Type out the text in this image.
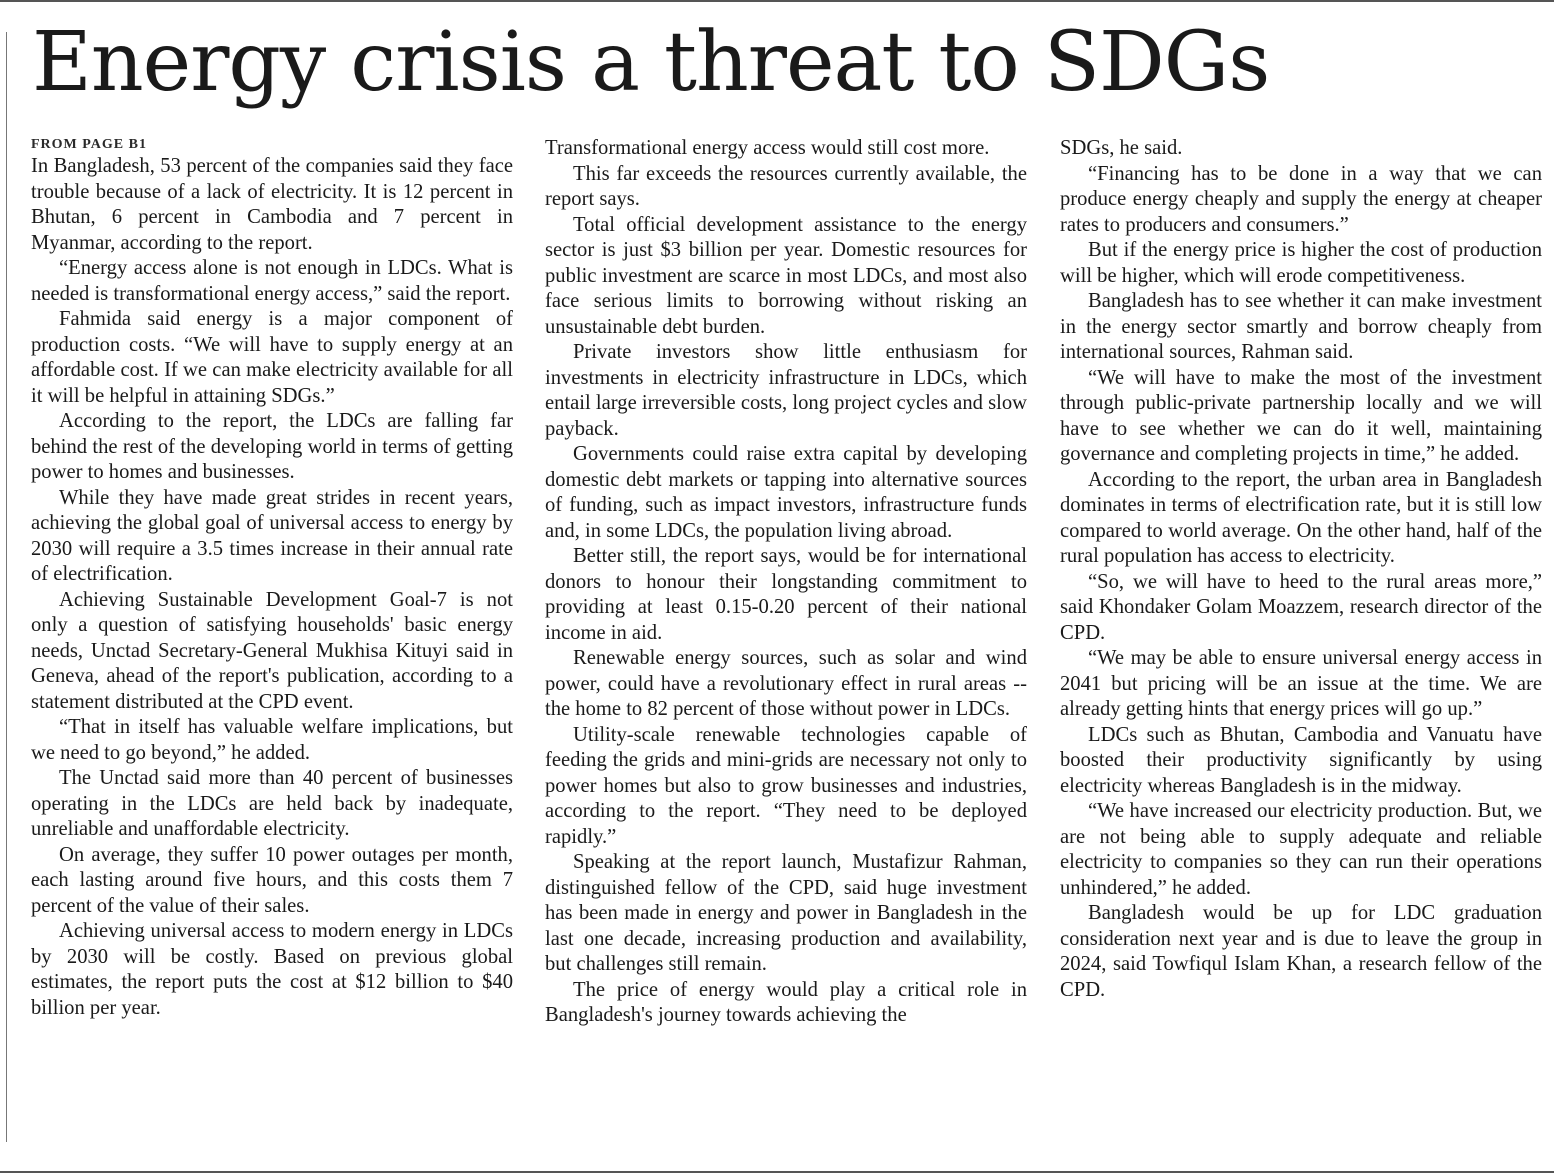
Energy crisis a threat to SDGs
FROM PAGE B1

In Bangladesh, 53 percent of the companies said they face trouble because of a lack of electricity. It is 12 percent in Bhutan, 6 percent in Cambodia and 7 percent in Myanmar, according to the report.

“Energy access alone is not enough in LDCs. What is needed is transformational energy access,” said the report.

Fahmida said energy is a major component of production costs. “We will have to supply energy at an affordable cost. If we can make electricity available for all it will be helpful in attaining SDGs.”

According to the report, the LDCs are falling far behind the rest of the developing world in terms of getting power to homes and businesses.

While they have made great strides in recent years, achieving the global goal of universal access to energy by 2030 will require a 3.5 times increase in their annual rate of electrification.

Achieving Sustainable Development Goal-7 is not only a question of satisfying households' basic energy needs, Unctad Secretary-General Mukhisa Kituyi said in Geneva, ahead of the report's publication, according to a statement distributed at the CPD event.

“That in itself has valuable welfare implications, but we need to go beyond,” he added.

The Unctad said more than 40 percent of businesses operating in the LDCs are held back by inadequate, unreliable and unaffordable electricity.

On average, they suffer 10 power outages per month, each lasting around five hours, and this costs them 7 percent of the value of their sales.

Achieving universal access to modern energy in LDCs by 2030 will be costly. Based on previous global estimates, the report puts the cost at $12 billion to $40 billion per year.

Transformational energy access would still cost more.

This far exceeds the resources currently available, the report says.

Total official development assistance to the energy sector is just $3 billion per year. Domestic resources for public investment are scarce in most LDCs, and most also face serious limits to borrowing without risking an unsustainable debt burden.

Private investors show little enthusiasm for investments in electricity infrastructure in LDCs, which entail large irreversible costs, long project cycles and slow payback.

Governments could raise extra capital by developing domestic debt markets or tapping into alternative sources of funding, such as impact investors, infrastructure funds and, in some LDCs, the population living abroad.

Better still, the report says, would be for international donors to honour their longstanding commitment to providing at least 0.15-0.20 percent of their national income in aid.

Renewable energy sources, such as solar and wind power, could have a revolutionary effect in rural areas -- the home to 82 percent of those without power in LDCs.

Utility-scale renewable technologies capable of feeding the grids and mini-grids are necessary not only to power homes but also to grow businesses and industries, according to the report. “They need to be deployed rapidly.”

Speaking at the report launch, Mustafizur Rahman, distinguished fellow of the CPD, said huge investment has been made in energy and power in Bangladesh in the last one decade, increasing production and availability, but challenges still remain.

The price of energy would play a critical role in Bangladesh's journey towards achieving the

SDGs, he said.

“Financing has to be done in a way that we can produce energy cheaply and supply the energy at cheaper rates to producers and consumers.”

But if the energy price is higher the cost of production will be higher, which will erode competitiveness.

Bangladesh has to see whether it can make investment in the energy sector smartly and borrow cheaply from international sources, Rahman said.

“We will have to make the most of the investment through public-private partnership locally and we will have to see whether we can do it well, maintaining governance and completing projects in time,” he added.

According to the report, the urban area in Bangladesh dominates in terms of electrification rate, but it is still low compared to world average. On the other hand, half of the rural population has access to electricity.

“So, we will have to heed to the rural areas more,” said Khondaker Golam Moazzem, research director of the CPD.

“We may be able to ensure universal energy access in 2041 but pricing will be an issue at the time. We are already getting hints that energy prices will go up.”

LDCs such as Bhutan, Cambodia and Vanuatu have boosted their productivity significantly by using electricity whereas Bangladesh is in the midway.

“We have increased our electricity production. But, we are not being able to supply adequate and reliable electricity to companies so they can run their operations unhindered,” he added.

Bangladesh would be up for LDC graduation consideration next year and is due to leave the group in 2024, said Towfiqul Islam Khan, a research fellow of the CPD.
